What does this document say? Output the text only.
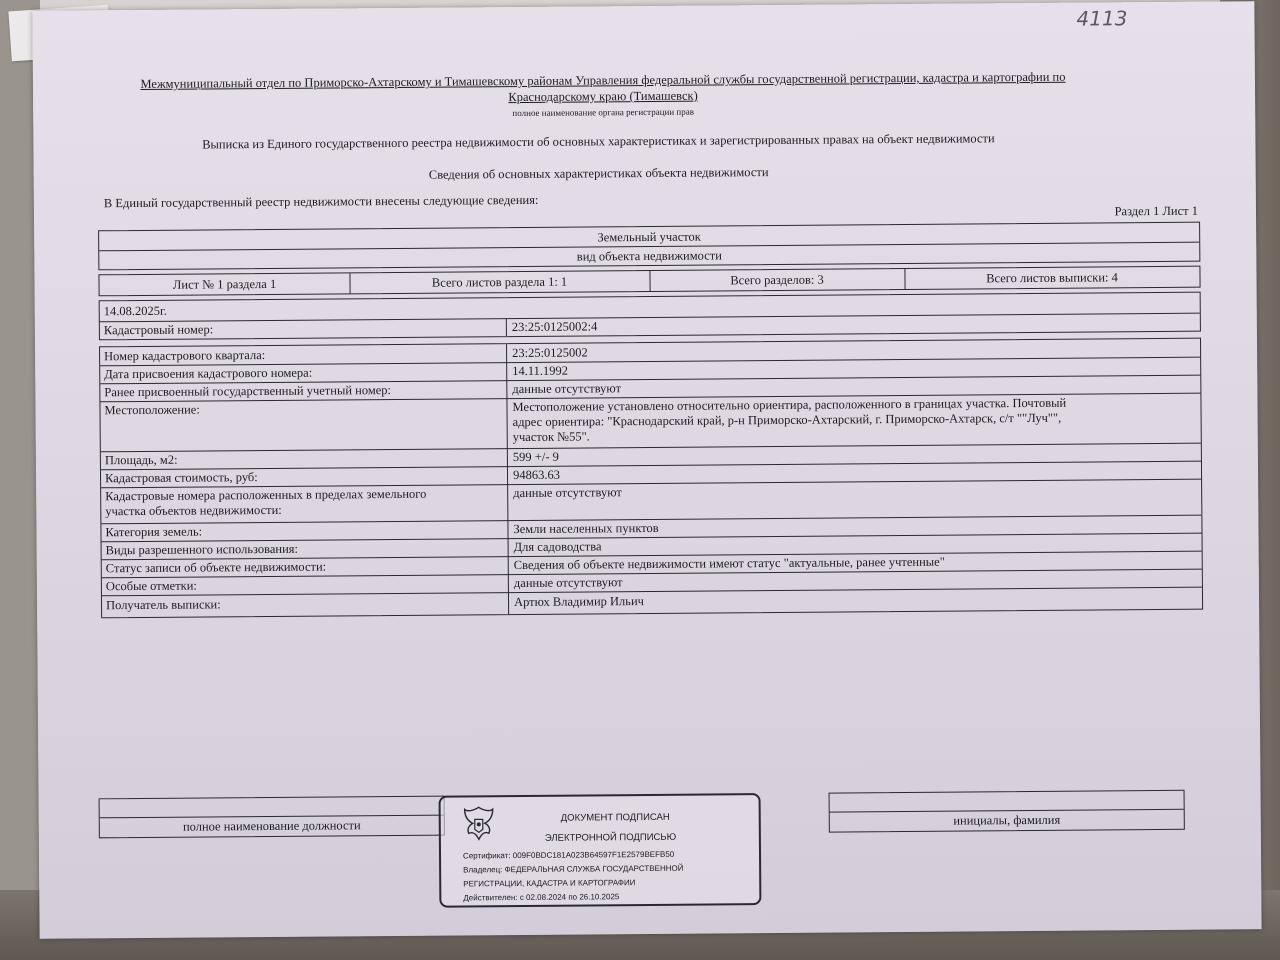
4113
Межмуниципальный отдел по Приморско-Ахтарскому и Тимашевскому районам Управления федеральной службы государственной регистрации, кадастра и картографии по Краснодарскому краю (Тимашевск)
полное наименование органа регистрации прав
Выписка из Единого государственного реестра недвижимости об основных характеристиках и зарегистрированных правах на объект недвижимости
Сведения об основных характеристиках объекта недвижимости
В Единый государственный реестр недвижимости внесены следующие сведения:
Раздел 1 Лист 1
Земельный участок
вид объекта недвижимости
Лист № 1 раздела 1	Всего листов раздела 1: 1	Всего разделов: 3	Всего листов выписки: 4
14.08.2025г.
Кадастровый номер:	23:25:0125002:4
Номер кадастрового квартала:	23:25:0125002
Дата присвоения кадастрового номера:	14.11.1992
Ранее присвоенный государственный учетный номер:	данные отсутствуют
Местоположение:	Местоположение установлено относительно ориентира, расположенного в границах участка. Почтовый
адрес ориентира: "Краснодарский край, р-н Приморско-Ахтарский, г. Приморско-Ахтарск, с/т ""Луч"",
участок №55".
Площадь, м2:	599 +/- 9
Кадастровая стоимость, руб:	94863.63
Кадастровые номера расположенных в пределах земельного
участка объектов недвижимости:
данные отсутствуют
Категория земель:	Земли населенных пунктов
Виды разрешенного использования:	Для садоводства
Статус записи об объекте недвижимости:	Сведения об объекте недвижимости имеют статус "актуальные, ранее учтенные"
Особые отметки:	данные отсутствуют
Получатель выписки:	Артюх Владимир Ильич
полное наименование должности	инициалы, фамилия
ДОКУМЕНТ ПОДПИСАН
ЭЛЕКТРОННОЙ ПОДПИСЬЮ
Сертификат: 009F0BDC181A023B64597F1E2579BEFB50
Владелец: ФЕДЕРАЛЬНАЯ СЛУЖБА ГОСУДАРСТВЕННОЙ
РЕГИСТРАЦИИ, КАДАСТРА И КАРТОГРАФИИ
Действителен: с 02.08.2024 по 26.10.2025
